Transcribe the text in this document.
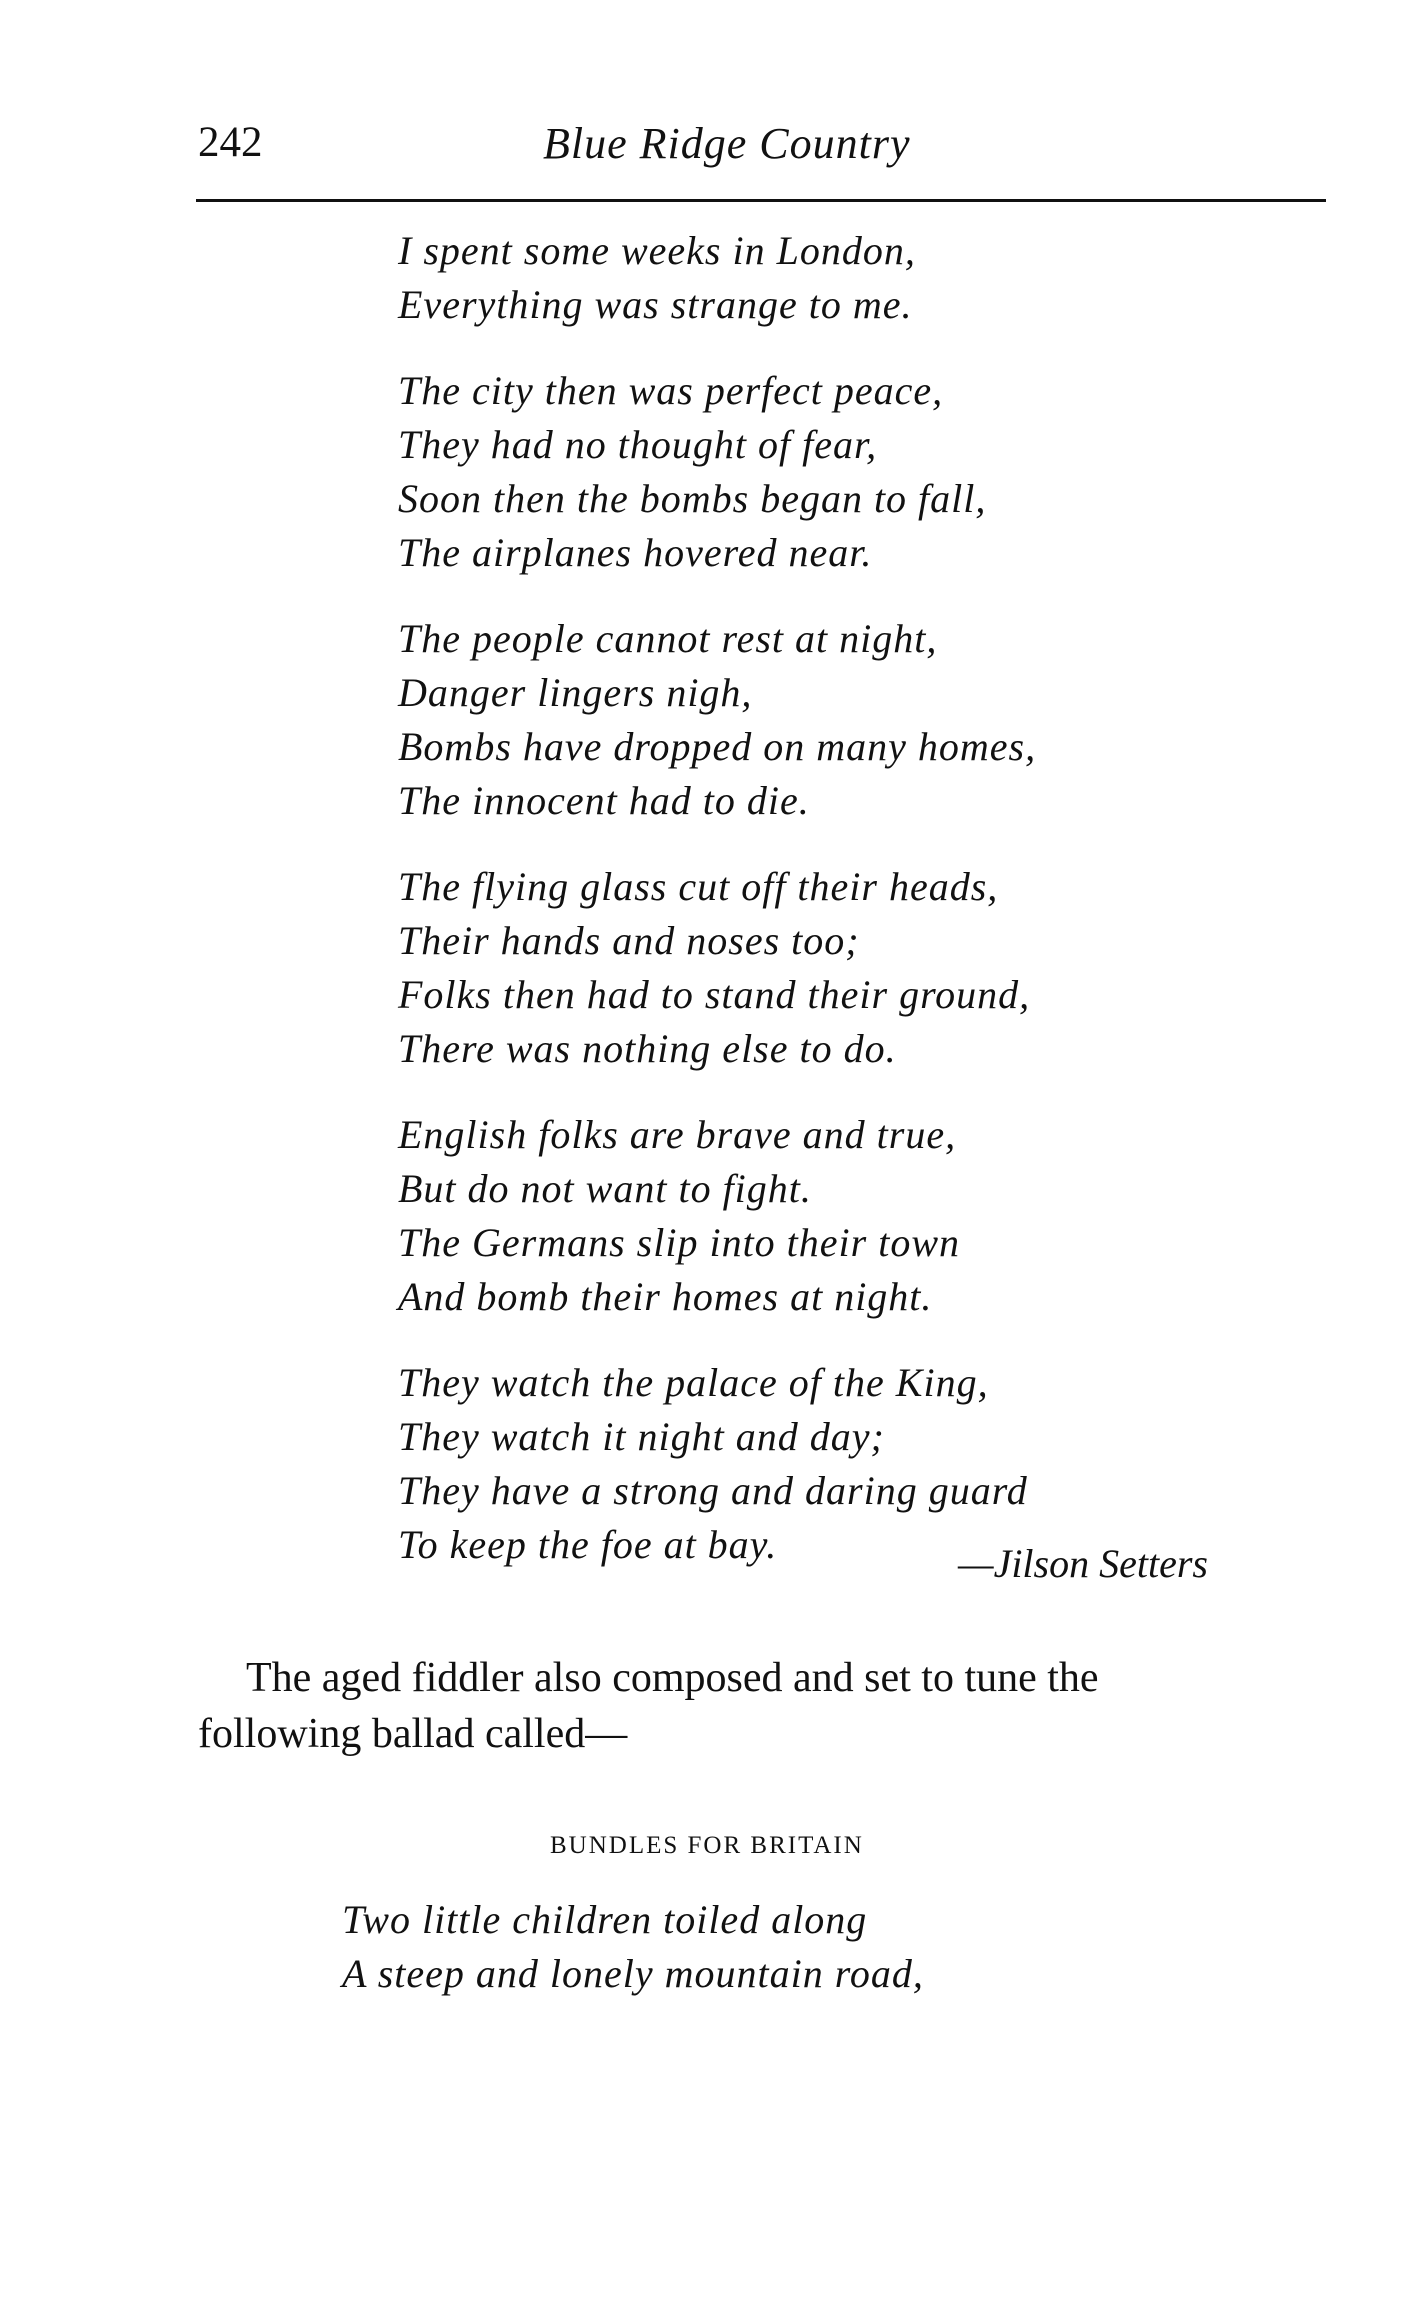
242	Blue Ridge Country
I spent some weeks in London,
Everything was strange to me.
The city then was perfect peace,
They had no thought of fear,
Soon then the bombs began to fall,
The airplanes hovered near.
The people cannot rest at night,
Danger lingers nigh,
Bombs have dropped on many homes,
The innocent had to die.
The flying glass cut off their heads,
Their hands and noses too;
Folks then had to stand their ground,
There was nothing else to do.
English folks are brave and true,
But do not want to fight.
The Germans slip into their town
And bomb their homes at night.
They watch the palace of the King,
They watch it night and day;
They have a strong and daring guard
To keep the foe at bay.	—Jilson Setters
The aged fiddler also composed and set to tune the
following ballad called—
BUNDLES FOR BRITAIN
Two little children toiled along
A steep and lonely mountain road,
